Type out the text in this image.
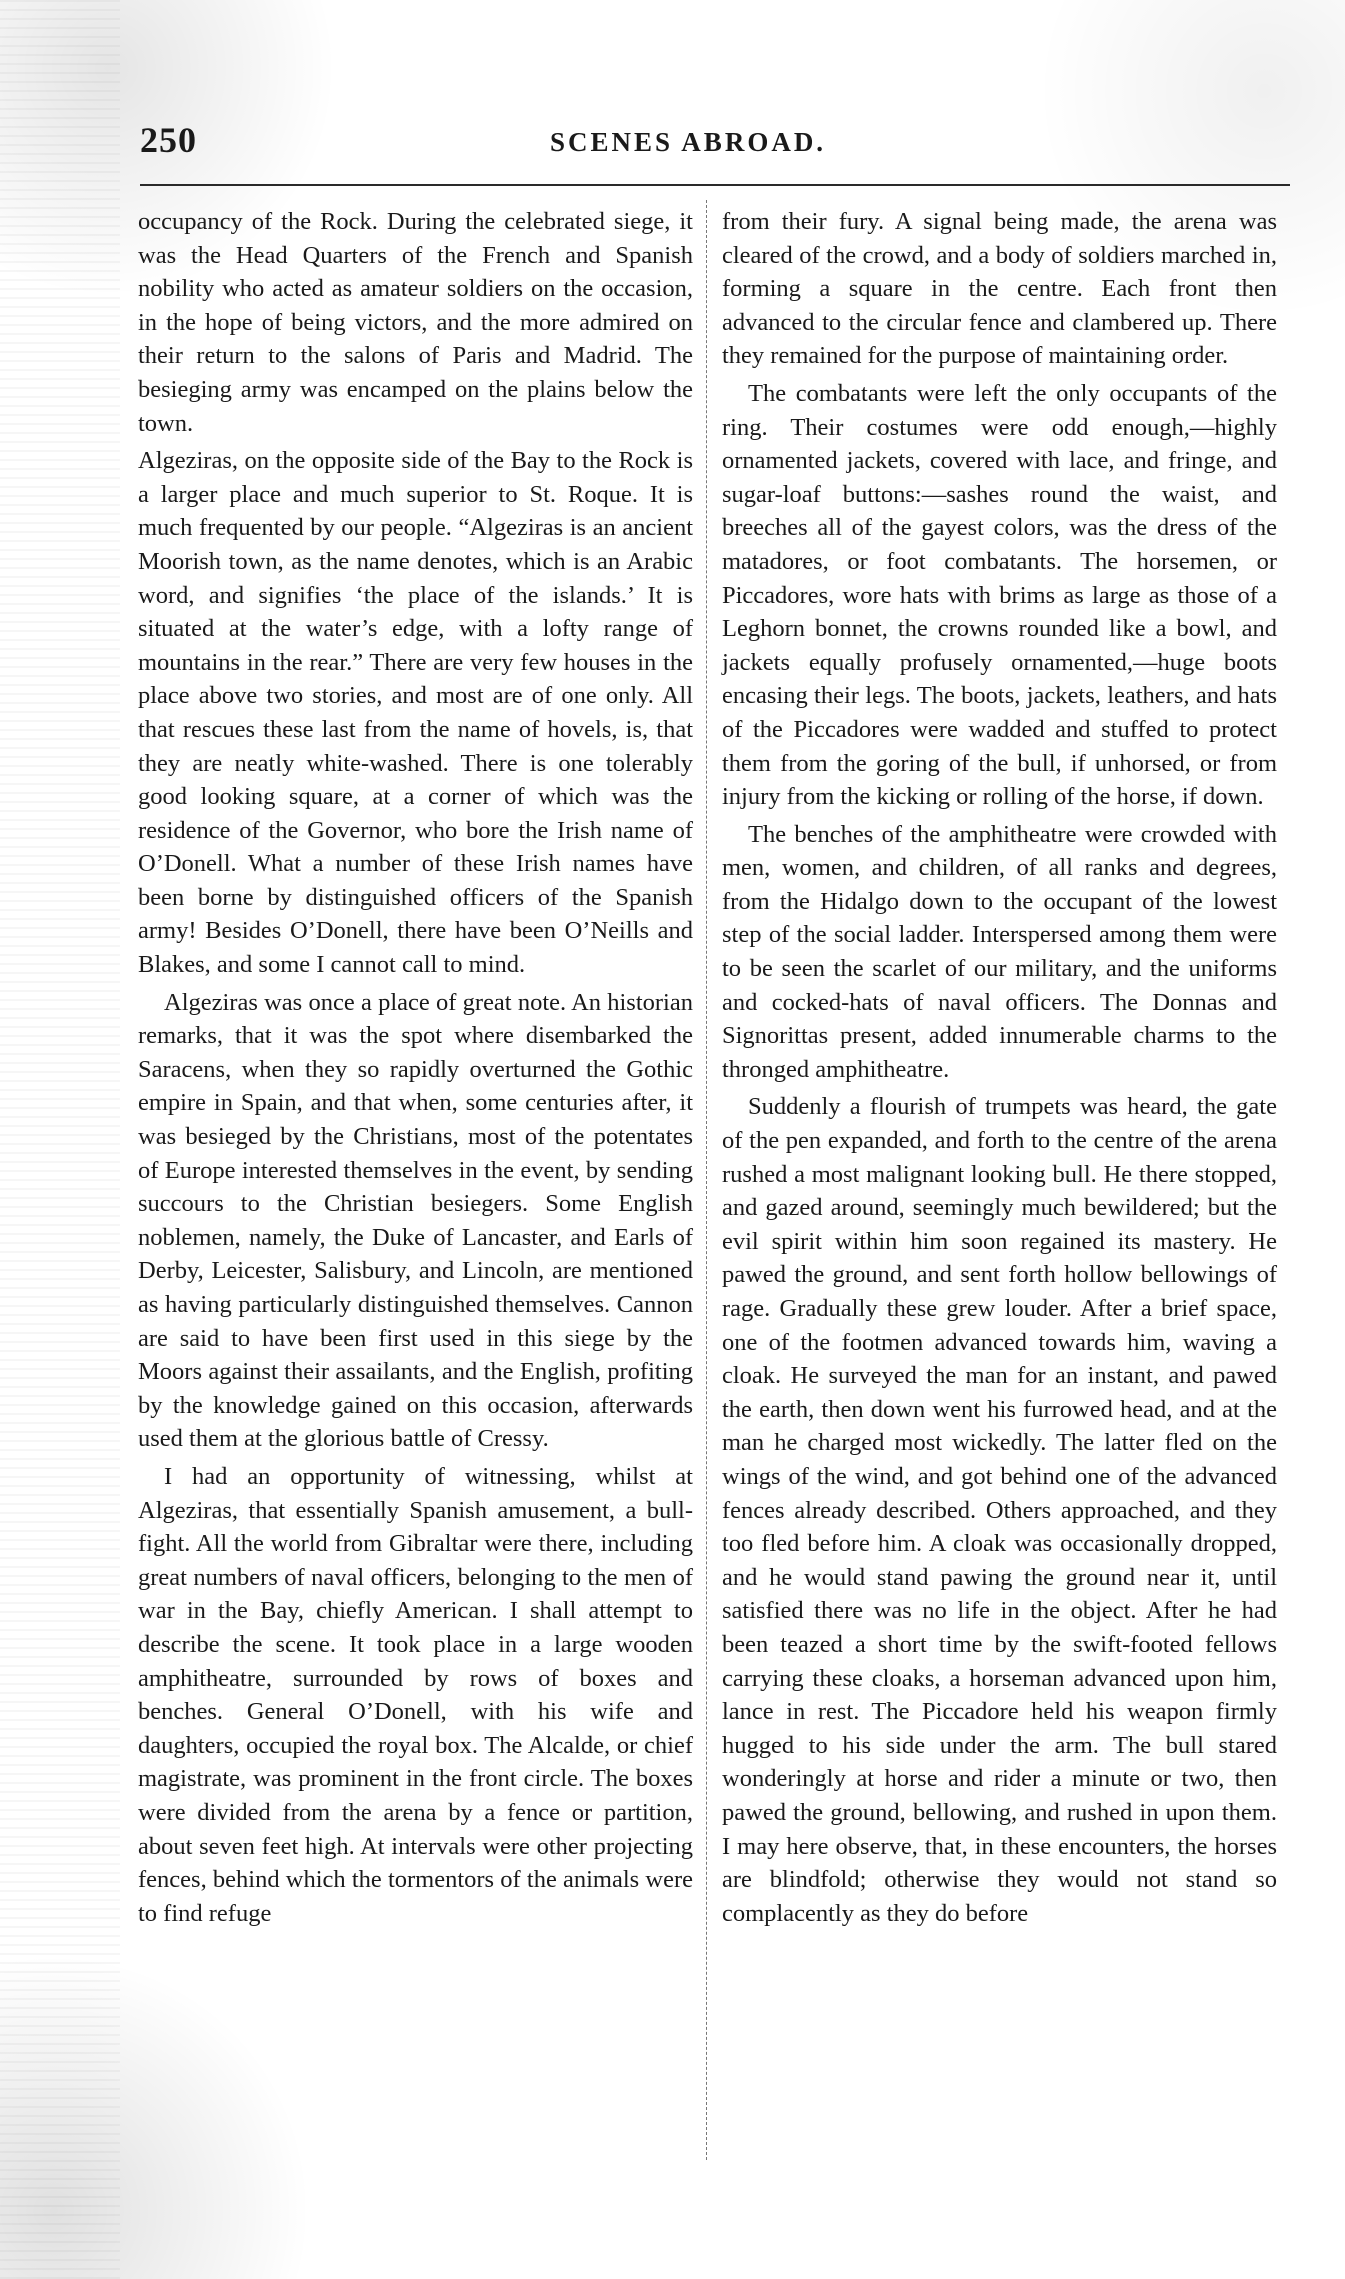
250	SCENES ABROAD.

occupancy of the Rock. During the celebrated siege, it was the Head Quarters of the French and Spanish nobility who acted as amateur soldiers on the occasion, in the hope of being victors, and the more admired on their return to the salons of Paris and Madrid. The besieging army was encamped on the plains below the town.

Algeziras, on the opposite side of the Bay to the Rock is a larger place and much superior to St. Roque. It is much frequented by our people. “Algeziras is an ancient Moorish town, as the name denotes, which is an Arabic word, and signifies ‘the place of the islands.’ It is situated at the water’s edge, with a lofty range of mountains in the rear.” There are very few houses in the place above two stories, and most are of one only. All that rescues these last from the name of hovels, is, that they are neatly white-washed. There is one tolerably good looking square, at a corner of which was the residence of the Governor, who bore the Irish name of O’Donell. What a number of these Irish names have been borne by distinguished officers of the Spanish army! Besides O’Donell, there have been O’Neills and Blakes, and some I cannot call to mind.

Algeziras was once a place of great note. An historian remarks, that it was the spot where disembarked the Saracens, when they so rapidly overturned the Gothic empire in Spain, and that when, some centuries after, it was besieged by the Christians, most of the potentates of Europe interested themselves in the event, by sending succours to the Christian besiegers. Some English noblemen, namely, the Duke of Lancaster, and Earls of Derby, Leicester, Salisbury, and Lincoln, are mentioned as having particularly distinguished themselves. Cannon are said to have been first used in this siege by the Moors against their assailants, and the English, profiting by the knowledge gained on this occasion, afterwards used them at the glorious battle of Cressy.

I had an opportunity of witnessing, whilst at Algeziras, that essentially Spanish amusement, a bull-fight. All the world from Gibraltar were there, including great numbers of naval officers, belonging to the men of war in the Bay, chiefly American. I shall attempt to describe the scene. It took place in a large wooden amphitheatre, surrounded by rows of boxes and benches. General O’Donell, with his wife and daughters, occupied the royal box. The Alcalde, or chief magistrate, was prominent in the front circle. The boxes were divided from the arena by a fence or partition, about seven feet high. At intervals were other projecting fences, behind which the tormentors of the animals were to find refuge

from their fury. A signal being made, the arena was cleared of the crowd, and a body of soldiers marched in, forming a square in the centre. Each front then advanced to the circular fence and clambered up. There they remained for the purpose of maintaining order.

The combatants were left the only occupants of the ring. Their costumes were odd enough,—highly ornamented jackets, covered with lace, and fringe, and sugar-loaf buttons:—sashes round the waist, and breeches all of the gayest colors, was the dress of the matadores, or foot combatants. The horsemen, or Piccadores, wore hats with brims as large as those of a Leghorn bonnet, the crowns rounded like a bowl, and jackets equally profusely ornamented,—huge boots encasing their legs. The boots, jackets, leathers, and hats of the Piccadores were wadded and stuffed to protect them from the goring of the bull, if unhorsed, or from injury from the kicking or rolling of the horse, if down.

The benches of the amphitheatre were crowded with men, women, and children, of all ranks and degrees, from the Hidalgo down to the occupant of the lowest step of the social ladder. Interspersed among them were to be seen the scarlet of our military, and the uniforms and cocked-hats of naval officers. The Donnas and Signorittas present, added innumerable charms to the thronged amphitheatre.

Suddenly a flourish of trumpets was heard, the gate of the pen expanded, and forth to the centre of the arena rushed a most malignant looking bull. He there stopped, and gazed around, seemingly much bewildered; but the evil spirit within him soon regained its mastery. He pawed the ground, and sent forth hollow bellowings of rage. Gradually these grew louder. After a brief space, one of the footmen advanced towards him, waving a cloak. He surveyed the man for an instant, and pawed the earth, then down went his furrowed head, and at the man he charged most wickedly. The latter fled on the wings of the wind, and got behind one of the advanced fences already described. Others approached, and they too fled before him. A cloak was occasionally dropped, and he would stand pawing the ground near it, until satisfied there was no life in the object. After he had been teazed a short time by the swift-footed fellows carrying these cloaks, a horseman advanced upon him, lance in rest. The Piccadore held his weapon firmly hugged to his side under the arm. The bull stared wonderingly at horse and rider a minute or two, then pawed the ground, bellowing, and rushed in upon them. I may here observe, that, in these encounters, the horses are blindfold; otherwise they would not stand so complacently as they do before
